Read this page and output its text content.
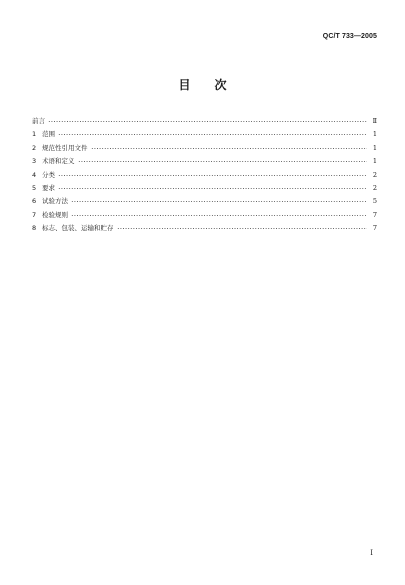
QC/T 733—2005
目 次
前言	Ⅱ
1 范围	1
2 规范性引用文件	1
3 术语和定义	1
4 分类	2
5 要求	2
6 试验方法	5
7 检验规则	7
8 标志、包装、运输和贮存	7
Ⅰ
